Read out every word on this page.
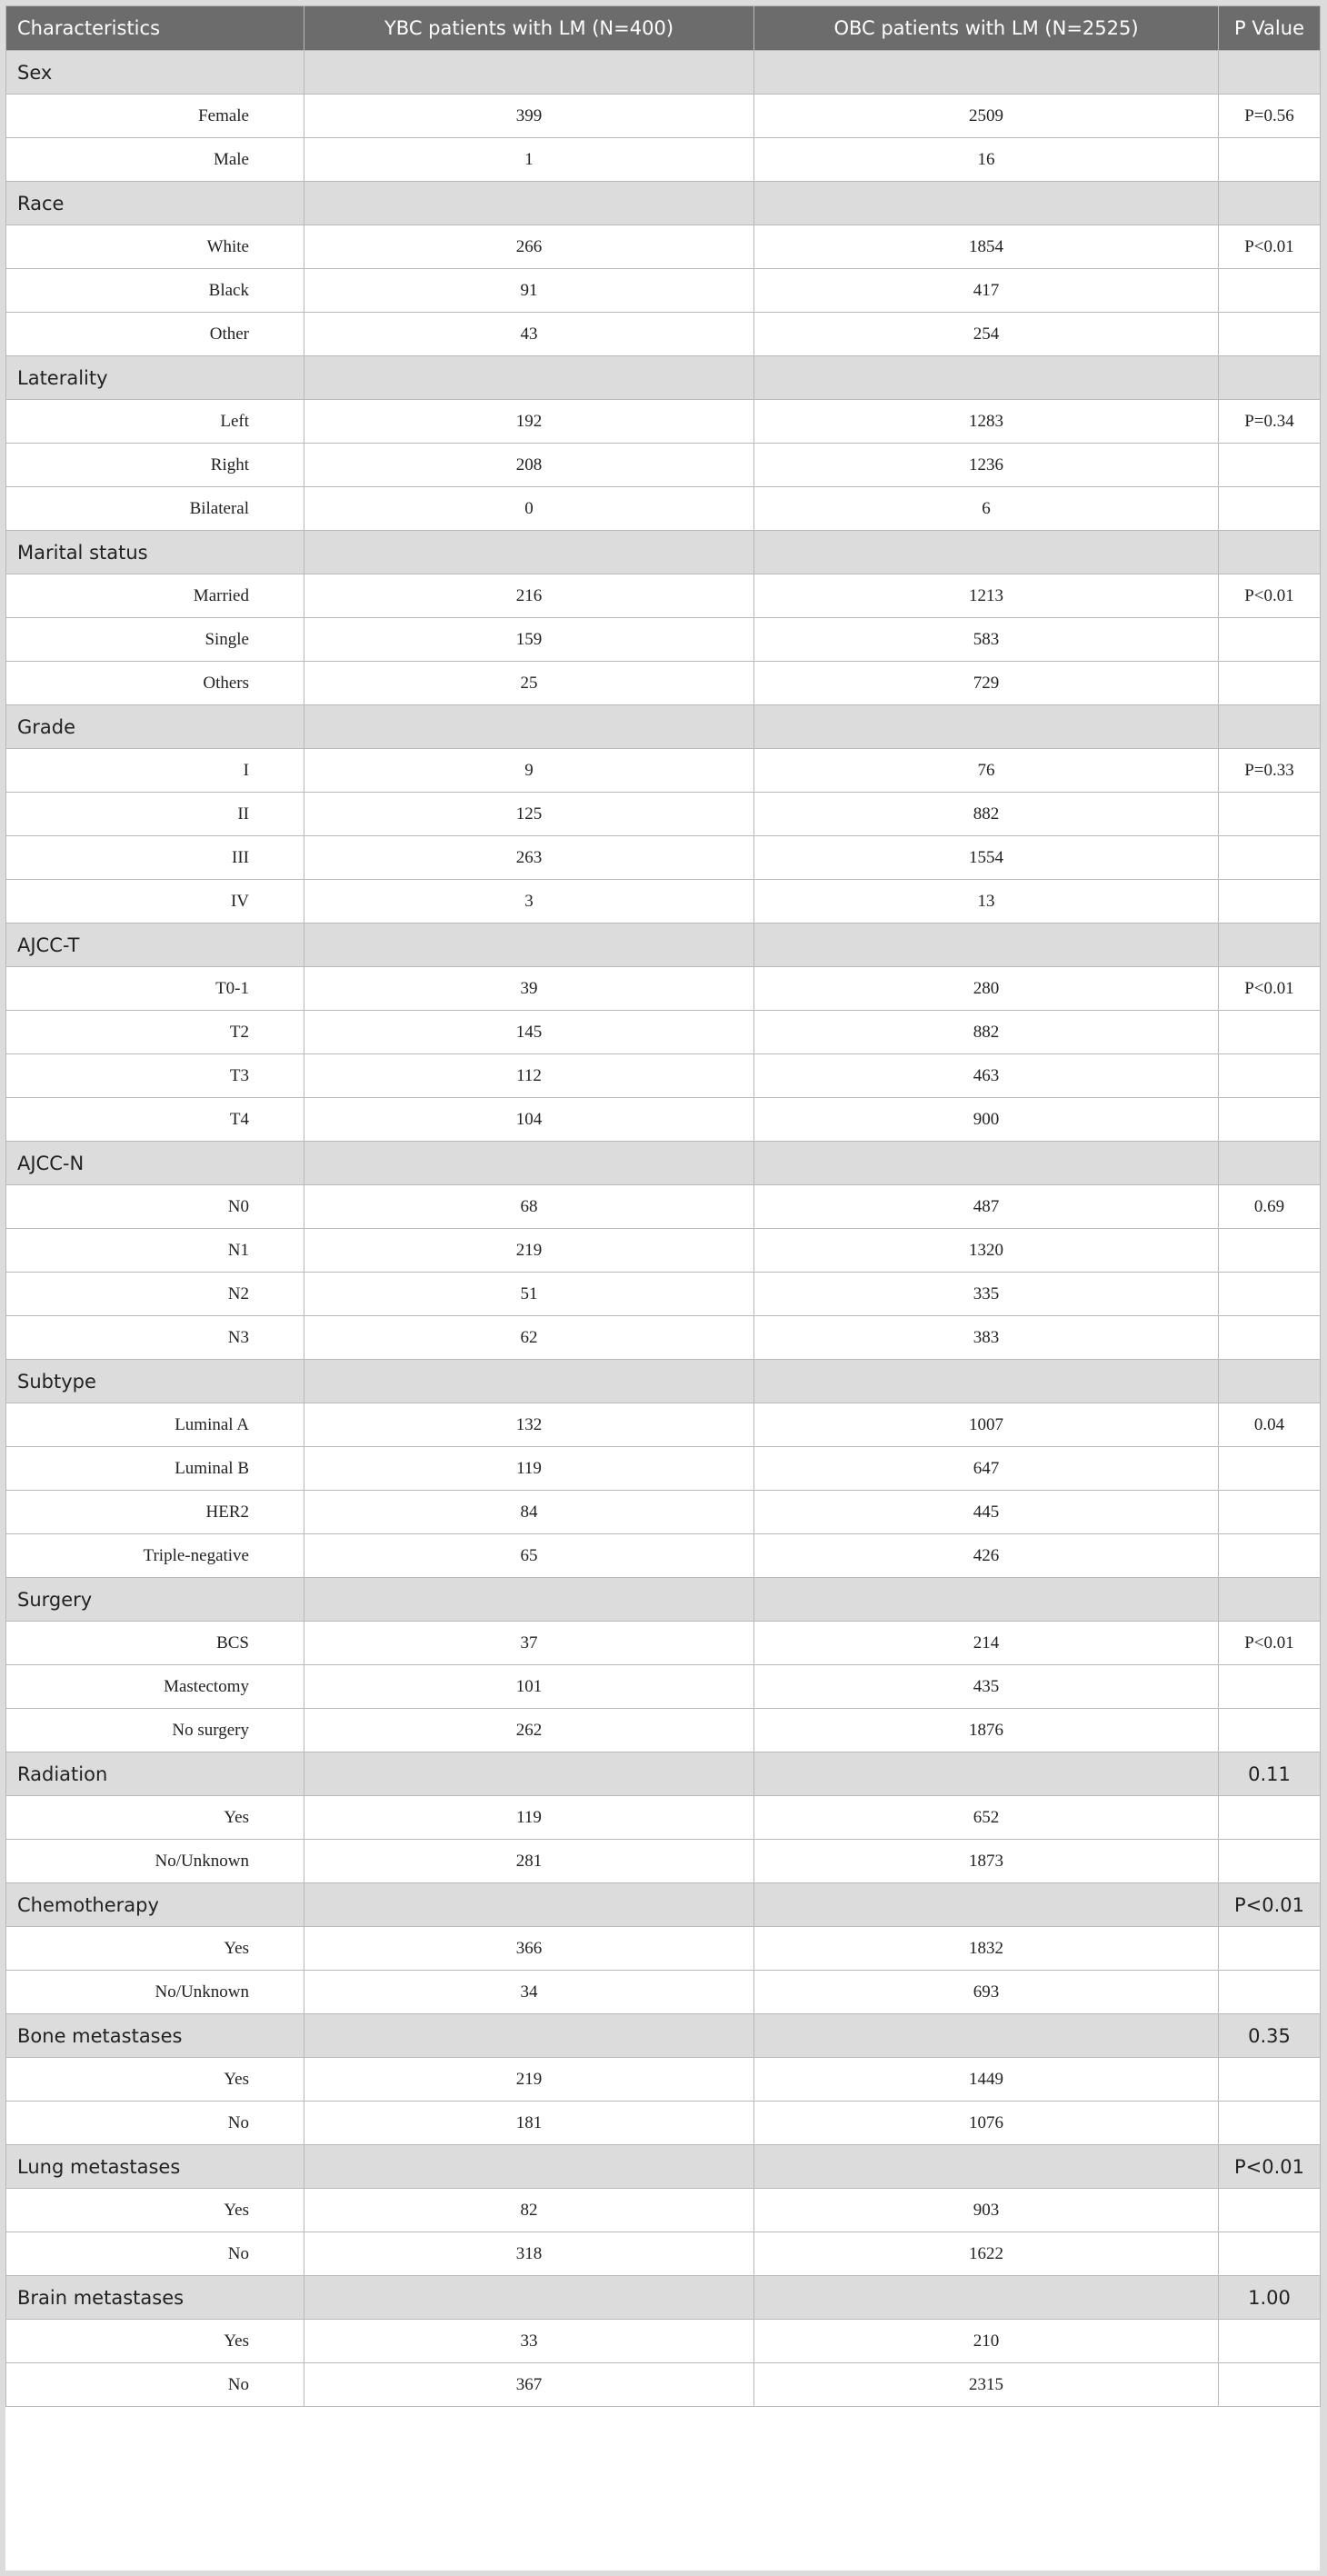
Characteristics	YBC patients with LM (N=400)	OBC patients with LM (N=2525)	P Value
Sex			
Female	399	2509	P=0.56
Male	1	16	
Race			
White	266	1854	P<0.01
Black	91	417	
Other	43	254	
Laterality			
Left	192	1283	P=0.34
Right	208	1236	
Bilateral	0	6	
Marital status			
Married	216	1213	P<0.01
Single	159	583	
Others	25	729	
Grade			
I	9	76	P=0.33
II	125	882	
III	263	1554	
IV	3	13	
AJCC-T			
T0-1	39	280	P<0.01
T2	145	882	
T3	112	463	
T4	104	900	
AJCC-N			
N0	68	487	0.69
N1	219	1320	
N2	51	335	
N3	62	383	
Subtype			
Luminal A	132	1007	0.04
Luminal B	119	647	
HER2	84	445	
Triple-negative	65	426	
Surgery			
BCS	37	214	P<0.01
Mastectomy	101	435	
No surgery	262	1876	
Radiation			0.11
Yes	119	652	
No/Unknown	281	1873	
Chemotherapy			P<0.01
Yes	366	1832	
No/Unknown	34	693	
Bone metastases			0.35
Yes	219	1449	
No	181	1076	
Lung metastases			P<0.01
Yes	82	903	
No	318	1622	
Brain metastases			1.00
Yes	33	210	
No	367	2315	
